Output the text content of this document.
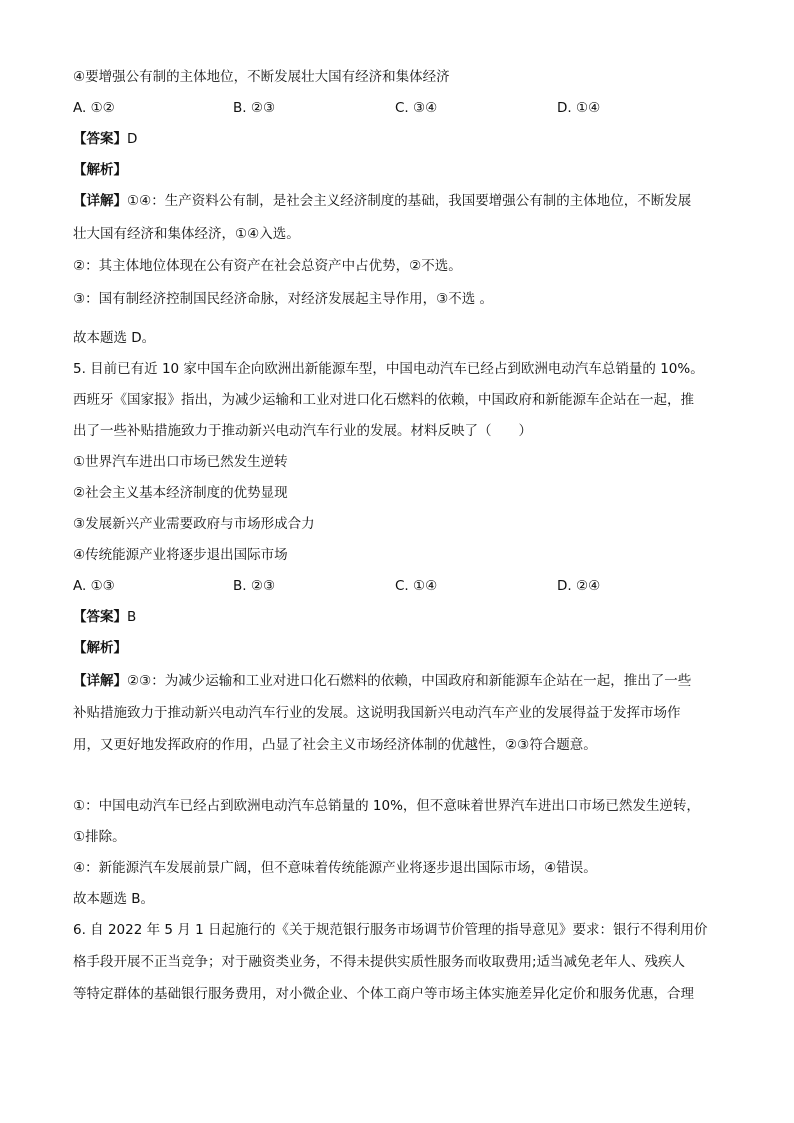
④要增强公有制的主体地位，不断发展壮大国有经济和集体经济
A. ①②	B. ②③	C. ③④	D. ①④
【答案】D
【解析】
【详解】①④：生产资料公有制，是社会主义经济制度的基础，我国要增强公有制的主体地位，不断发展
壮大国有经济和集体经济，①④入选。
②：其主体地位体现在公有资产在社会总资产中占优势，②不选。
③：国有制经济控制国民经济命脉，对经济发展起主导作用，③不选 。
故本题选 D。
5. 目前已有近 10 家中国车企向欧洲出新能源车型，中国电动汽车已经占到欧洲电动汽车总销量的 10%。
西班牙《国家报》指出，为减少运输和工业对进口化石燃料的依赖，中国政府和新能源车企站在一起，推
出了一些补贴措施致力于推动新兴电动汽车行业的发展。材料反映了（　　）
①世界汽车进出口市场已然发生逆转
②社会主义基本经济制度的优势显现
③发展新兴产业需要政府与市场形成合力
④传统能源产业将逐步退出国际市场
A. ①③	B. ②③	C. ①④	D. ②④
【答案】B
【解析】
【详解】②③：为减少运输和工业对进口化石燃料的依赖，中国政府和新能源车企站在一起，推出了一些
补贴措施致力于推动新兴电动汽车行业的发展。这说明我国新兴电动汽车产业的发展得益于发挥市场作
用，又更好地发挥政府的作用，凸显了社会主义市场经济体制的优越性，②③符合题意。
①：中国电动汽车已经占到欧洲电动汽车总销量的 10%，但不意味着世界汽车进出口市场已然发生逆转，
①排除。
④：新能源汽车发展前景广阔，但不意味着传统能源产业将逐步退出国际市场，④错误。
故本题选 B。
6. 自 2022 年 5 月 1 日起施行的《关于规范银行服务市场调节价管理的指导意见》要求：银行不得利用价
格手段开展不正当竞争；对于融资类业务，不得未提供实质性服务而收取费用;适当减免老年人、残疾人
等特定群体的基础银行服务费用，对小微企业、个体工商户等市场主体实施差异化定价和服务优惠，合理
